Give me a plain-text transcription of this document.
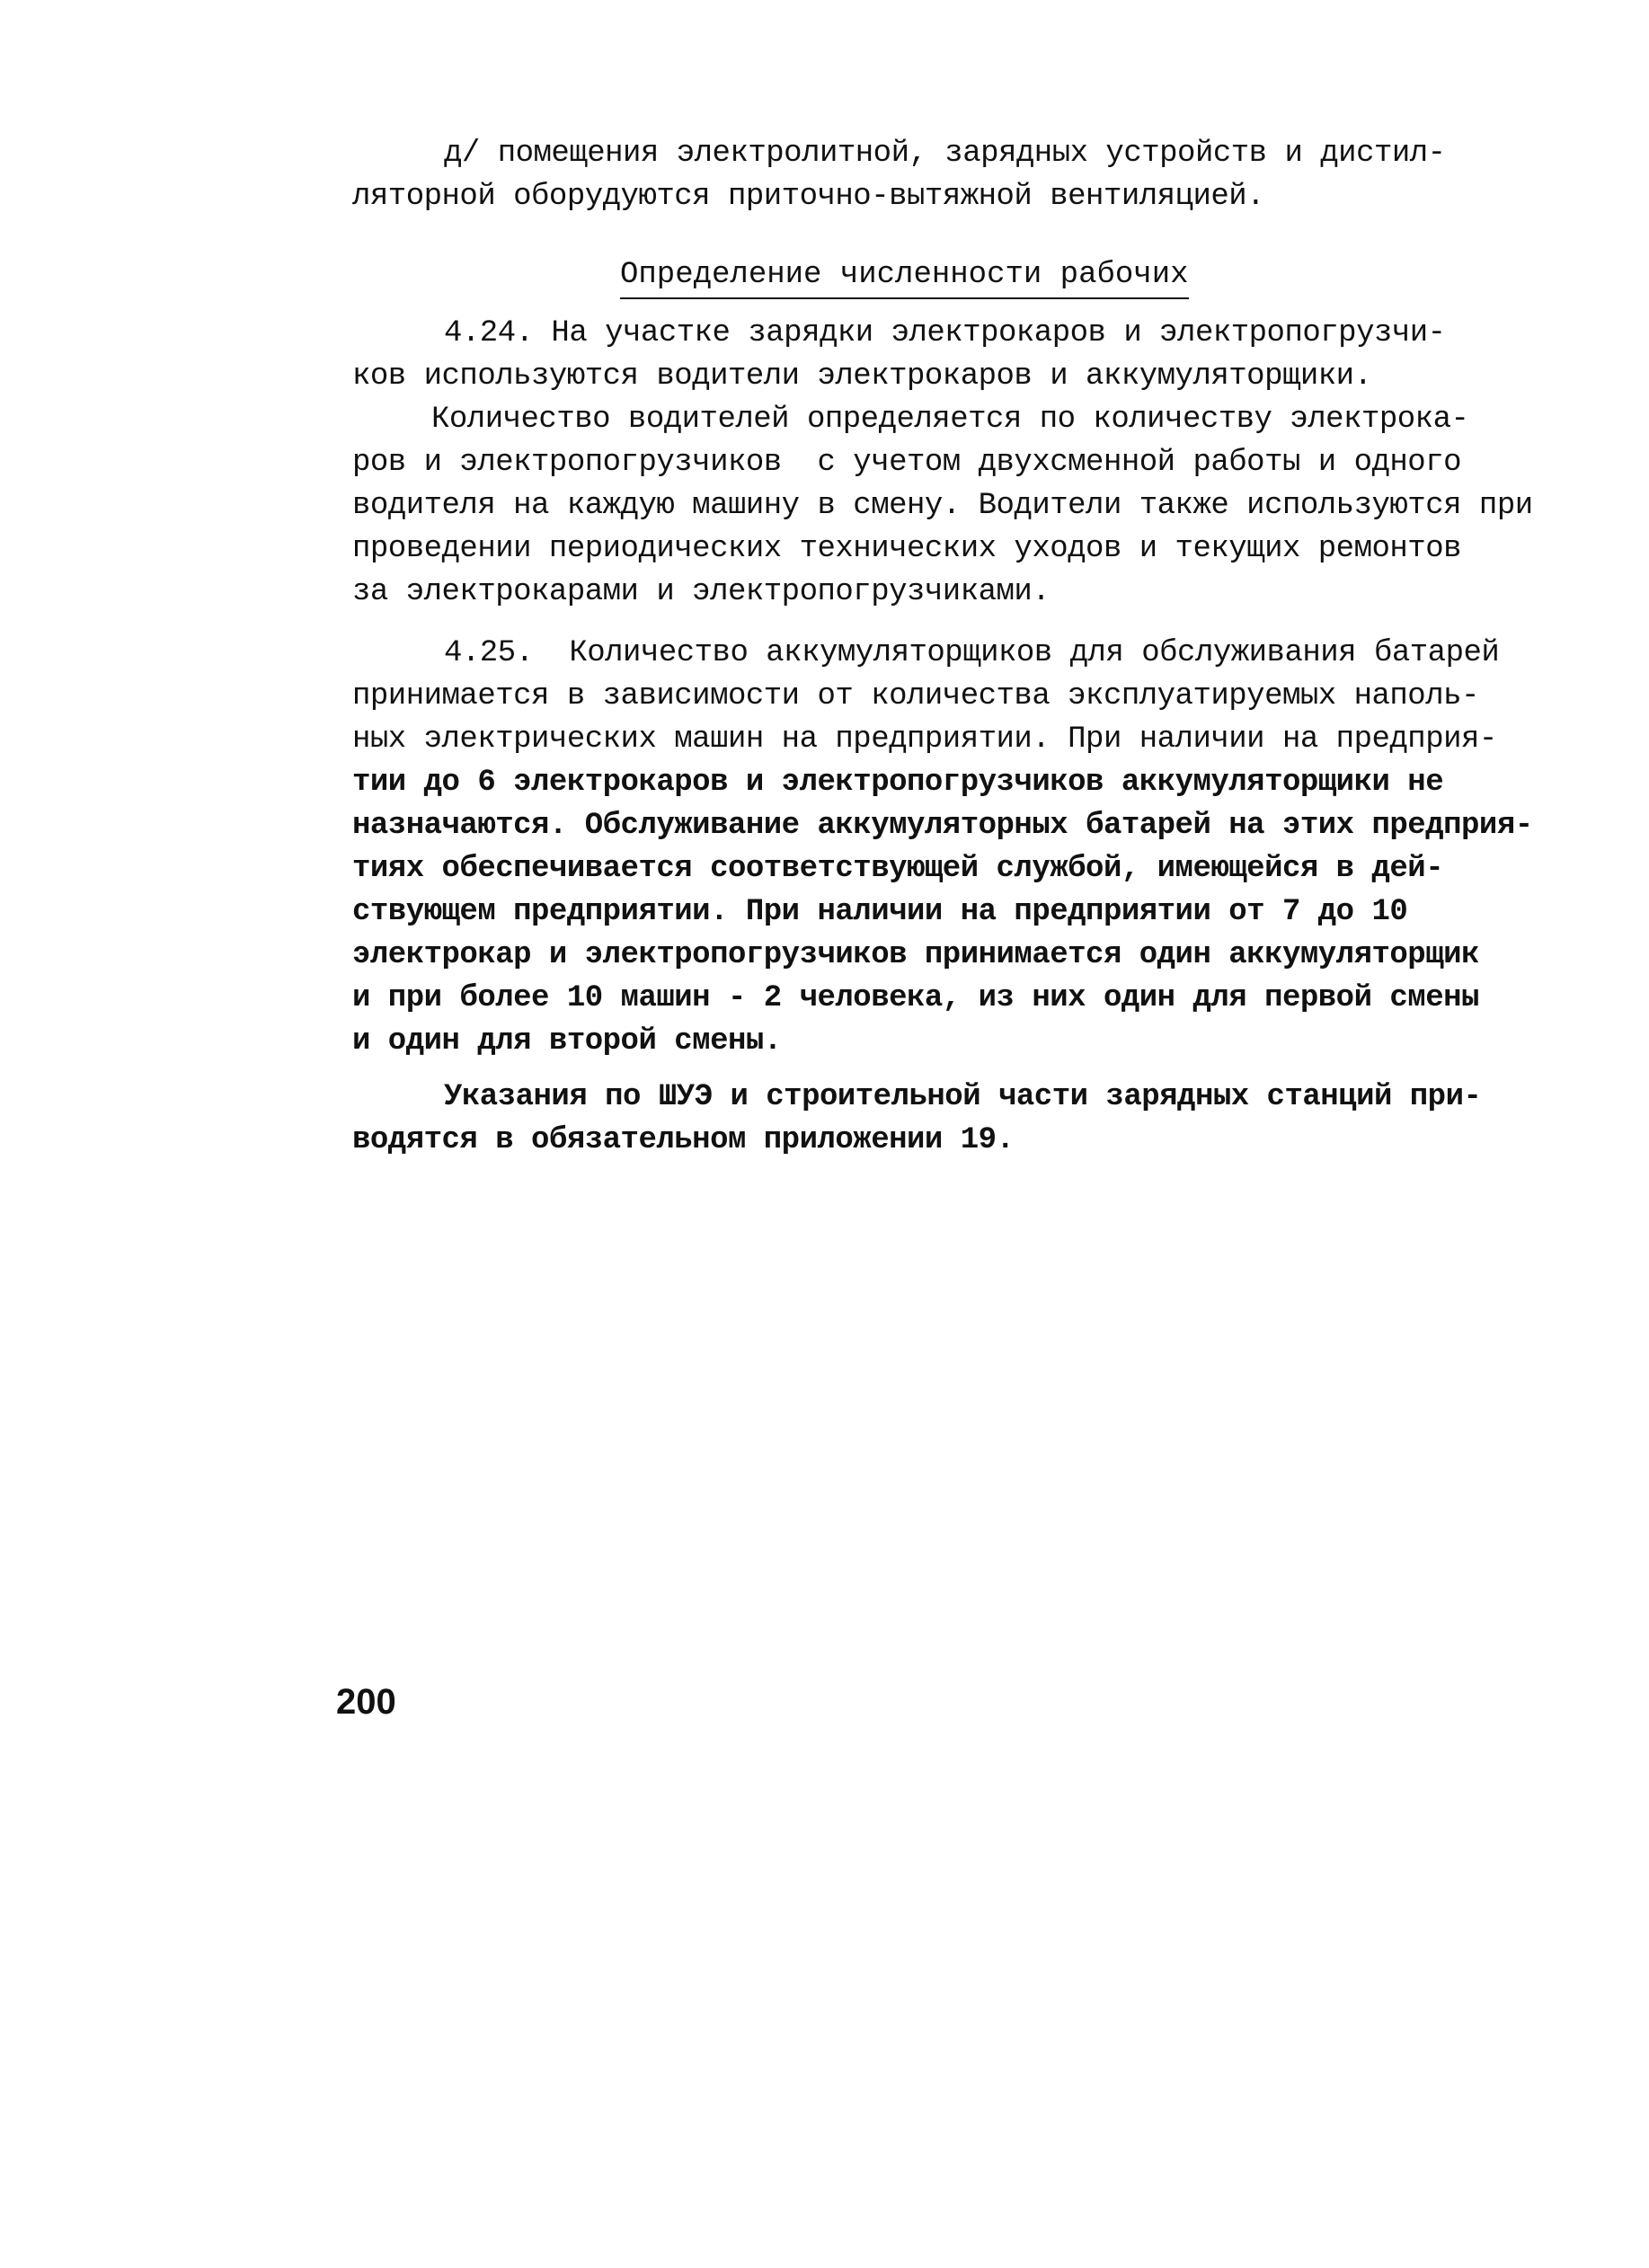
д/ помещения электролитной, зарядных устройств и дистил-
ляторной оборудуются приточно-вытяжной вентиляцией.
Определение численности рабочих
4.24. На участке зарядки электрокаров и электропогрузчи-
ков используются водители электрокаров и аккумуляторщики.
Количество водителей определяется по количеству электрока-
ров и электропогрузчиков  с учетом двухсменной работы и одного
водителя на каждую машину в смену. Водители также используются при
проведении периодических технических уходов и текущих ремонтов
за электрокарами и электропогрузчиками.
4.25.  Количество аккумуляторщиков для обслуживания батарей
принимается в зависимости от количества эксплуатируемых наполь-
ных электрических машин на предприятии. При наличии на предприя-
тии до 6 электрокаров и электропогрузчиков аккумуляторщики не
назначаются. Обслуживание аккумуляторных батарей на этих предприя-
тиях обеспечивается соответствующей службой, имеющейся в дей-
ствующем предприятии. При наличии на предприятии от 7 до 10
электрокар и электропогрузчиков принимается один аккумуляторщик
и при более 10 машин - 2 человека, из них один для первой смены
и один для второй смены.
Указания по ШУЭ и строительной части зарядных станций при-
водятся в обязательном приложении 19.
200
